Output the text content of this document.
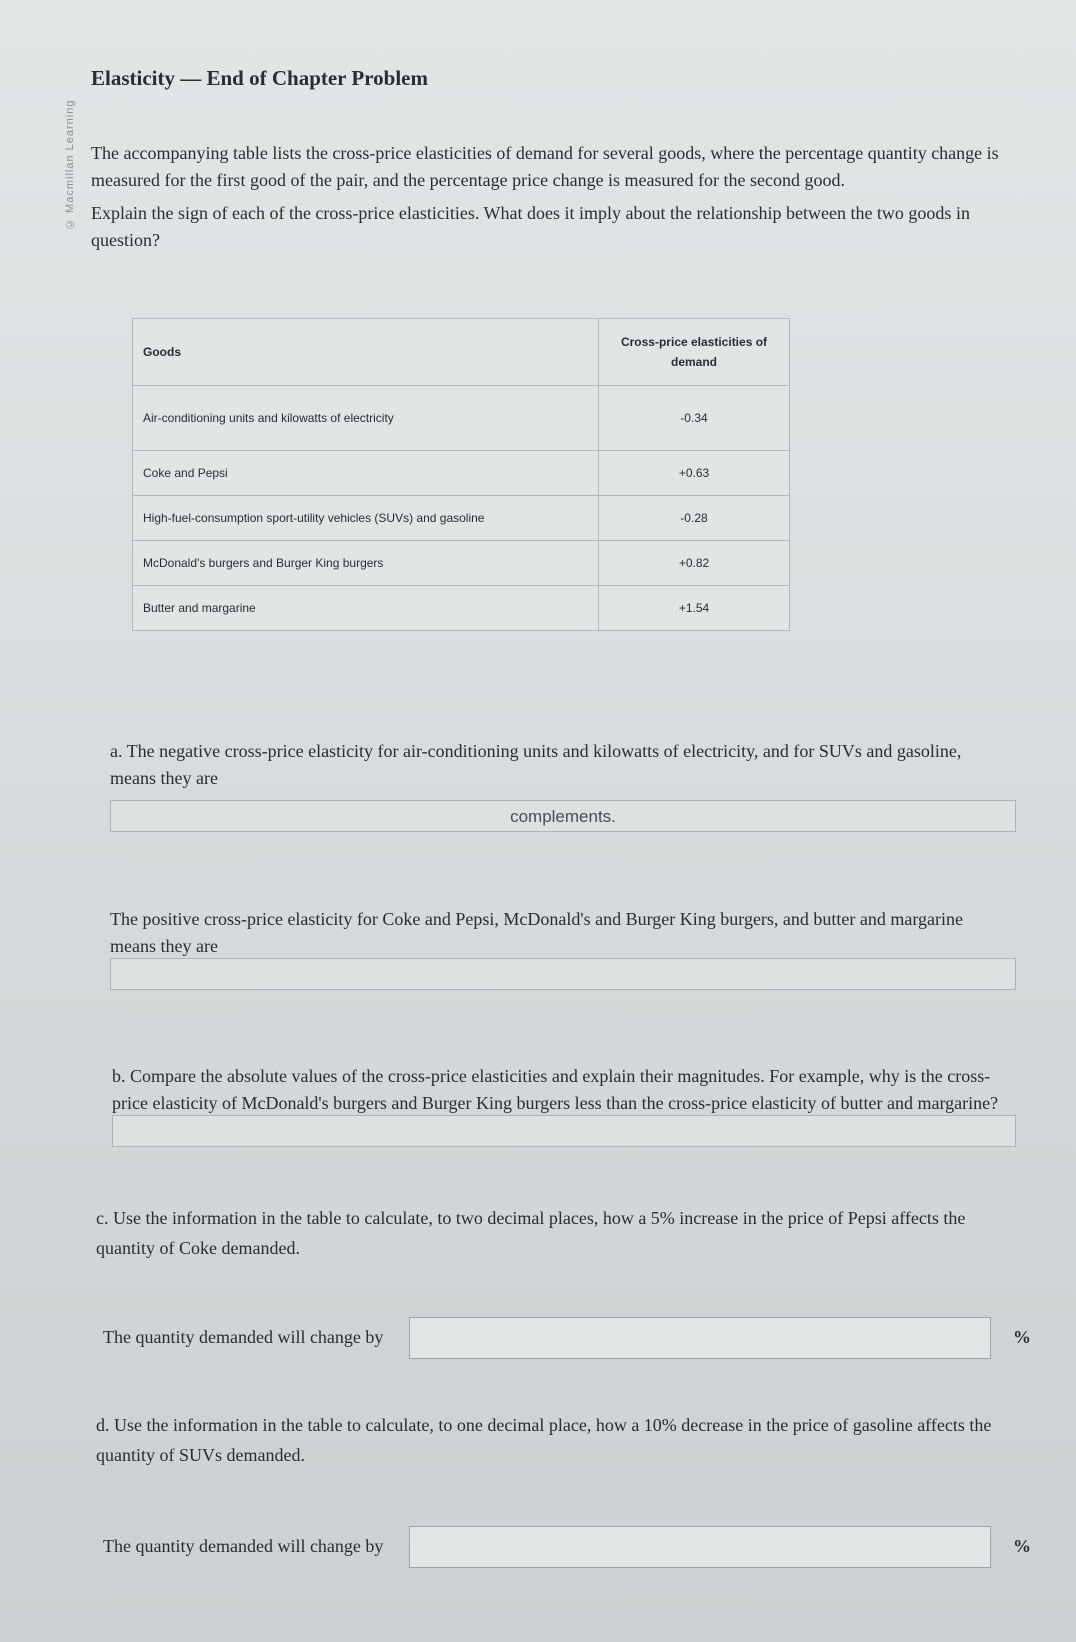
© Macmillan Learning
Elasticity — End of Chapter Problem
The accompanying table lists the cross-price elasticities of demand for several goods, where the percentage quantity change is measured for the first good of the pair, and the percentage price change is measured for the second good.
Explain the sign of each of the cross-price elasticities. What does it imply about the relationship between the two goods in question?
Goods	Cross-price elasticities of demand
Air-conditioning units and kilowatts of electricity	-0.34
Coke and Pepsi	+0.63
High-fuel-consumption sport-utility vehicles (SUVs) and gasoline	-0.28
McDonald's burgers and Burger King burgers	+0.82
Butter and margarine	+1.54
a. The negative cross-price elasticity for air-conditioning units and kilowatts of electricity, and for SUVs and gasoline, means they are
complements.
The positive cross-price elasticity for Coke and Pepsi, McDonald's and Burger King burgers, and butter and margarine means they are
b. Compare the absolute values of the cross-price elasticities and explain their magnitudes. For example, why is the cross-price elasticity of McDonald's burgers and Burger King burgers less than the cross-price elasticity of butter and margarine?
c. Use the information in the table to calculate, to two decimal places, how a 5% increase in the price of Pepsi affects the quantity of Coke demanded.
The quantity demanded will change by	%
d. Use the information in the table to calculate, to one decimal place, how a 10% decrease in the price of gasoline affects the quantity of SUVs demanded.
The quantity demanded will change by	%
